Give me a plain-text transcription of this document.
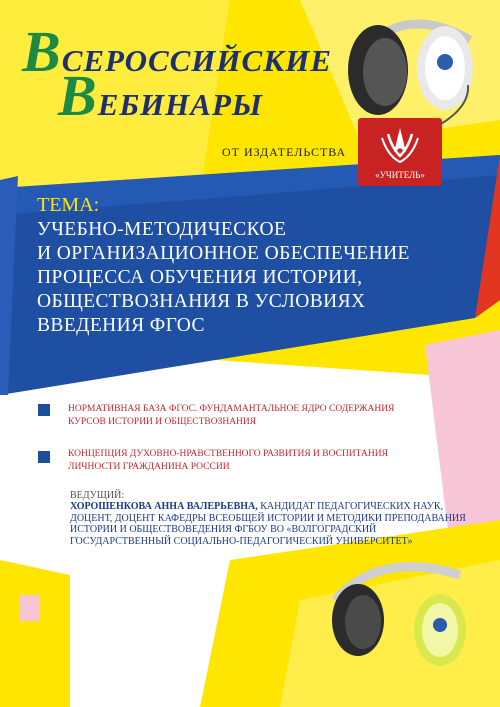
ВСЕРОССИЙСКИЕ
ВЕБИНАРЫ
ОТ ИЗДАТЕЛЬСТВА
«УЧИТЕЛЬ»
ТЕМА:
УЧЕБНО-МЕТОДИЧЕСКОЕ
И ОРГАНИЗАЦИОННОЕ ОБЕСПЕЧЕНИЕ
ПРОЦЕССА ОБУЧЕНИЯ ИСТОРИИ,
ОБЩЕСТВОЗНАНИЯ В УСЛОВИЯХ
ВВЕДЕНИЯ ФГОС
НОРМАТИВНАЯ БАЗА ФГОС. ФУНДАМАНТАЛЬНОЕ ЯДРО СОДЕРЖАНИЯ КУРСОВ ИСТОРИИ И ОБЩЕСТВОЗНАНИЯ
КОНЦЕПЦИЯ ДУХОВНО-НРАВСТВЕННОГО РАЗВИТИЯ И ВОСПИТАНИЯ ЛИЧНОСТИ ГРАЖДАНИНА РОССИИ
ВЕДУЩИЙ:
ХОРОШЕНКОВА АННА ВАЛЕРЬЕВНА, КАНДИДАТ ПЕДАГОГИЧЕСКИХ НАУК, ДОЦЕНТ, ДОЦЕНТ КАФЕДРЫ ВСЕОБЩЕЙ ИСТОРИИ И МЕТОДИКИ ПРЕПОДАВАНИЯ ИСТОРИИ И ОБЩЕСТВОВЕДЕНИЯ ФГБОУ ВО «ВОЛГОГРАДСКИЙ ГОСУДАРСТВЕННЫЙ СОЦИАЛЬНО-ПЕДАГОГИЧЕСКИЙ УНИВЕРСИТЕТ»
